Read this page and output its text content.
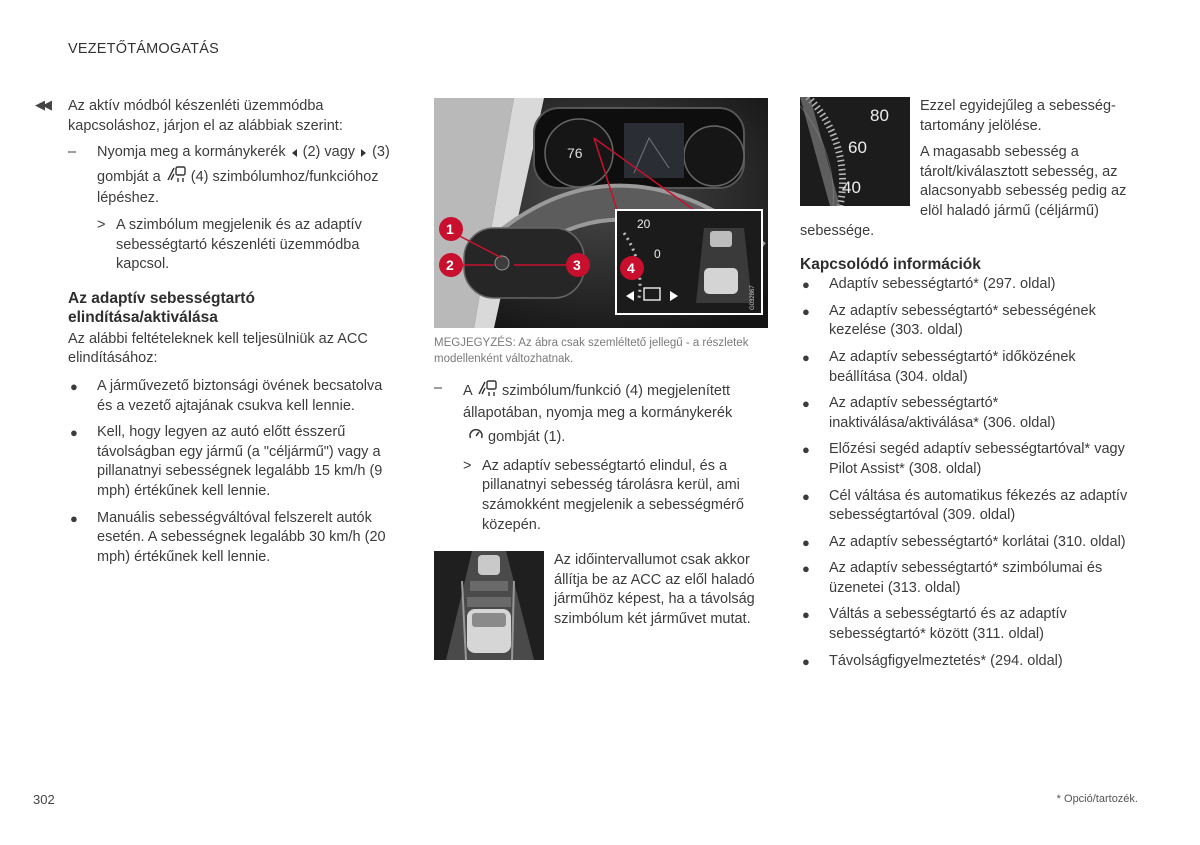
VEZETŐTÁMOGATÁS
◀◀ Az aktív módból készenléti üzemmódba kapcsoláshoz, járjon el az alábbiak szerint:

– Nyomja meg a kormánykerék (2) vagy (3) gombját a (4) szimbólumhoz/funkcióhoz lépéshez.
> A szimbólum megjelenik és az adaptív sebességtartó készenléti üzemmódba kapcsol.
Az adaptív sebességtartó elindítása/aktiválása

Az alábbi feltételeknek kell teljesülniük az ACC elindításához:

● A járművezető biztonsági övének becsatolva és a vezető ajtajának csukva kell lennie.
● Kell, hogy legyen az autó előtt ésszerű távolságban egy jármű (a "céljármű") vagy a pillanatnyi sebességnek legalább 15 km/h (9 mph) értékűnek kell lennie.
● Manuális sebességváltóval felszerelt autók esetén. A sebességnek legalább 30 km/h (20 mph) értékűnek kell lennie.
76
20
0
1
2	3	4
G032867
MEGJEGYZÉS: Az ábra csak szemléltető jellegű - a részletek modellenként változhatnak.
– A szimbólum/funkció (4) megjelenített állapotában, nyomja meg a kormánykerék
gombját (1).
> Az adaptív sebességtartó elindul, és a pillanatnyi sebesség tárolásra kerül, ami számokként megjelenik a sebességmérő közepén.

Az időintervallumot csak akkor állítja be az ACC az elől haladó járműhöz képest, ha a távolság szimbólum két járművet mutat.

80
60
40

Ezzel egyidejűleg a sebesség-tartomány jelölése.

A magasabb sebesség a tárolt/kiválasztott sebesség, az alacsonyabb sebesség pedig az elöl haladó jármű (céljármű) sebessége.

Kapcsolódó információk
● Adaptív sebességtartó* (297. oldal)
● Az adaptív sebességtartó* sebességének kezelése (303. oldal)
● Az adaptív sebességtartó* időközének beállítása (304. oldal)
● Az adaptív sebességtartó* inaktiválása/aktiválása* (306. oldal)
● Előzési segéd adaptív sebességtartóval* vagy Pilot Assist* (308. oldal)
● Cél váltása és automatikus fékezés az adaptív sebességtartóval (309. oldal)
● Az adaptív sebességtartó* korlátai (310. oldal)
● Az adaptív sebességtartó* szimbólumai és üzenetei (313. oldal)
● Váltás a sebességtartó és az adaptív sebességtartó* között (311. oldal)
● Távolságfigyelmeztetés* (294. oldal)
302	* Opció/tartozék.
